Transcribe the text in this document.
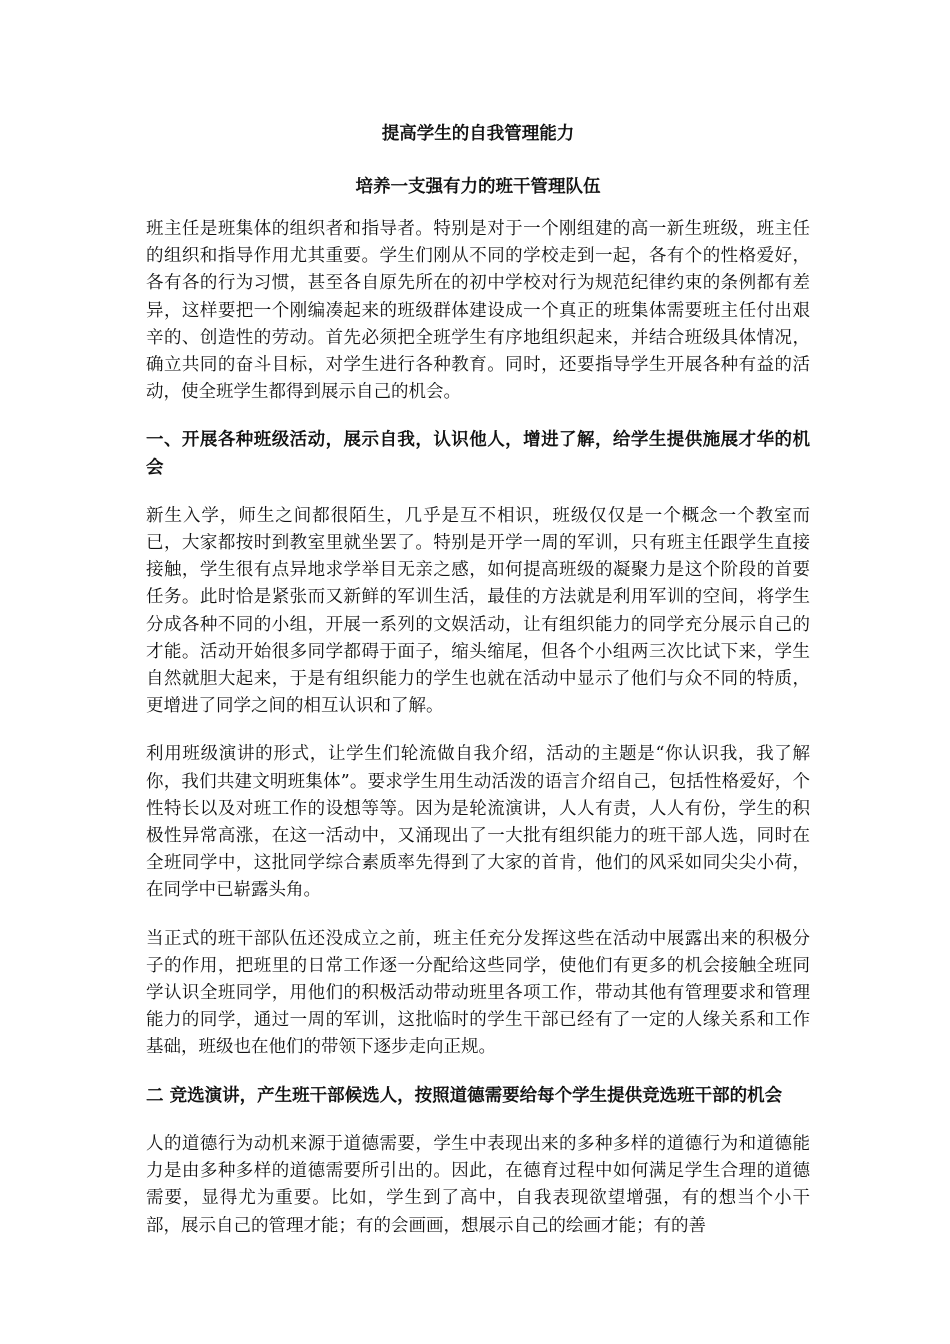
提高学生的自我管理能力

培养一支强有力的班干管理队伍

班主任是班集体的组织者和指导者。特别是对于一个刚组建的高一新生班级，班主任的组织和指导作用尤其重要。学生们刚从不同的学校走到一起，各有个的性格爱好，各有各的行为习惯，甚至各自原先所在的初中学校对行为规范纪律约束的条例都有差异，这样要把一个刚编凑起来的班级群体建设成一个真正的班集体需要班主任付出艰辛的、创造性的劳动。首先必须把全班学生有序地组织起来，并结合班级具体情况，确立共同的奋斗目标，对学生进行各种教育。同时，还要指导学生开展各种有益的活动，使全班学生都得到展示自己的机会。

一、开展各种班级活动，展示自我，认识他人，增进了解，给学生提供施展才华的机会

新生入学，师生之间都很陌生，几乎是互不相识，班级仅仅是一个概念一个教室而已，大家都按时到教室里就坐罢了。特别是开学一周的军训，只有班主任跟学生直接接触，学生很有点异地求学举目无亲之感，如何提高班级的凝聚力是这个阶段的首要任务。此时恰是紧张而又新鲜的军训生活，最佳的方法就是利用军训的空间，将学生分成各种不同的小组，开展一系列的文娱活动，让有组织能力的同学充分展示自己的才能。活动开始很多同学都碍于面子，缩头缩尾，但各个小组两三次比试下来，学生自然就胆大起来，于是有组织能力的学生也就在活动中显示了他们与众不同的特质，更增进了同学之间的相互认识和了解。

利用班级演讲的形式，让学生们轮流做自我介绍，活动的主题是“你认识我，我了解你，我们共建文明班集体”。要求学生用生动活泼的语言介绍自己，包括性格爱好，个性特长以及对班工作的设想等等。因为是轮流演讲，人人有责，人人有份，学生的积极性异常高涨，在这一活动中，又涌现出了一大批有组织能力的班干部人选，同时在全班同学中，这批同学综合素质率先得到了大家的首肯，他们的风采如同尖尖小荷，在同学中已崭露头角。

当正式的班干部队伍还没成立之前，班主任充分发挥这些在活动中展露出来的积极分子的作用，把班里的日常工作逐一分配给这些同学，使他们有更多的机会接触全班同学认识全班同学，用他们的积极活动带动班里各项工作，带动其他有管理要求和管理能力的同学，通过一周的军训，这批临时的学生干部已经有了一定的人缘关系和工作基础，班级也在他们的带领下逐步走向正规。

二 竞选演讲，产生班干部候选人，按照道德需要给每个学生提供竞选班干部的机会

人的道德行为动机来源于道德需要，学生中表现出来的多种多样的道德行为和道德能力是由多种多样的道德需要所引出的。因此，在德育过程中如何满足学生合理的道德需要，显得尤为重要。比如，学生到了高中，自我表现欲望增强，有的想当个小干部，展示自己的管理才能；有的会画画，想展示自己的绘画才能；有的善
